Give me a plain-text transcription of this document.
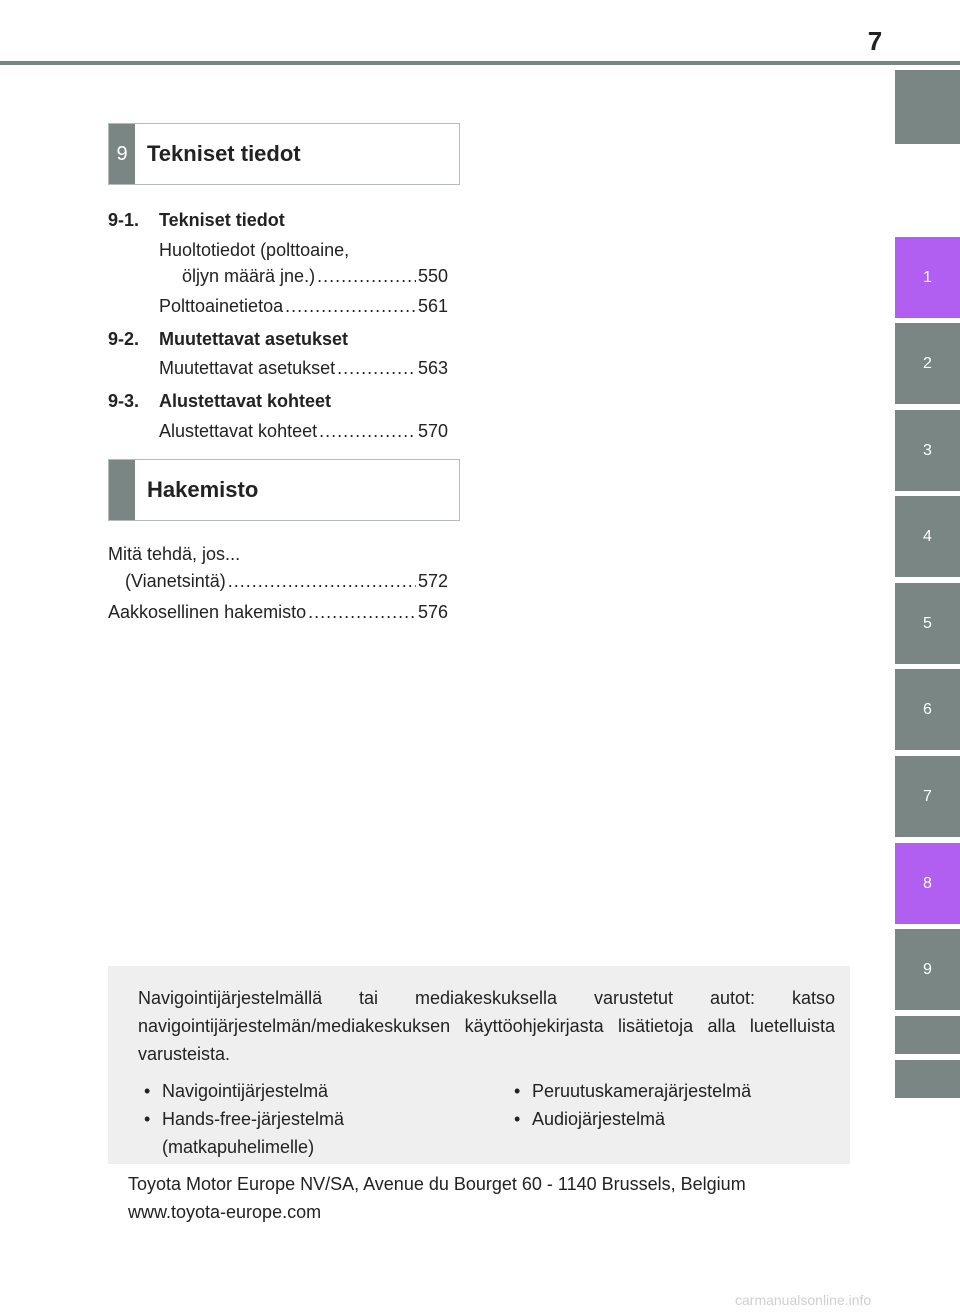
7
1
2
3
4
5
6
7
8
9
9 Tekniset tiedot
9-1. Tekniset tiedot
Huoltotiedot (polttoaine,
öljyn määrä jne.) .....	550
Polttoainetietoa .....	561
9-2. Muutettavat asetukset
Muutettavat asetukset .....	563
9-3. Alustettavat kohteet
Alustettavat kohteet .....	570
Hakemisto
Mitä tehdä, jos...
(Vianetsintä) .....	572
Aakkosellinen hakemisto .....	576
Navigointijärjestelmällä tai mediakeskuksella varustetut autot: katso navigointijärjestelmän/mediakeskuksen käyttöohjekirjasta lisätietoja alla luetelluista varusteista.
• Navigointijärjestelmä
• Hands-free-järjestelmä (matkapuhelimelle)
• Peruutuskamerajärjestelmä
• Audiojärjestelmä
Toyota Motor Europe NV/SA, Avenue du Bourget 60 - 1140 Brussels, Belgium www.toyota-europe.com
carmanualsonline.info
